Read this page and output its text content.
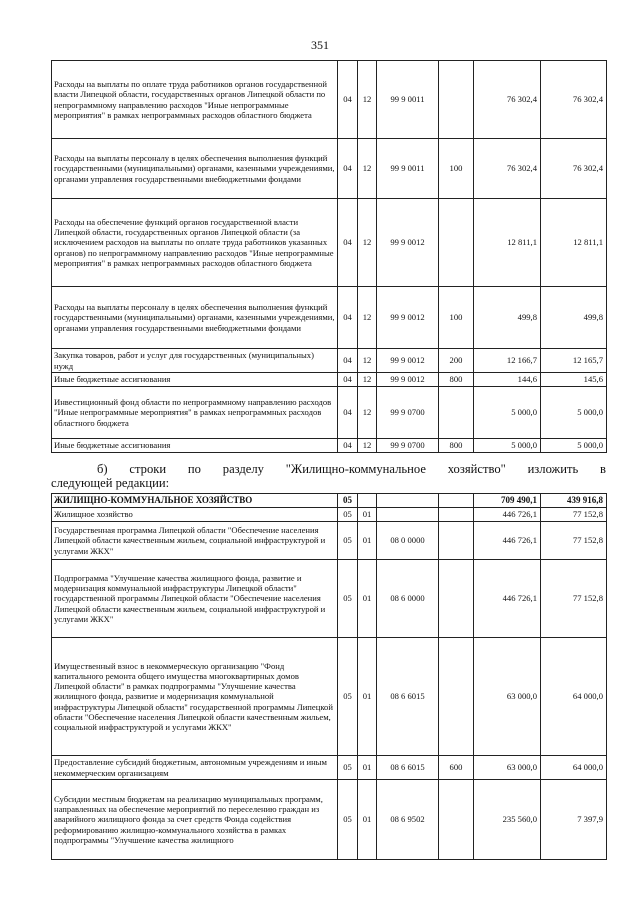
351
Расходы на выплаты по оплате труда работников органов государственной власти Липецкой области, государственных органов Липецкой области по непрограммному направлению расходов "Иные непрограммные мероприятия" в рамках непрограммных расходов областного бюджета	04	12	99 9 0011		76 302,4	76 302,4
Расходы на выплаты персоналу в целях обеспечения выполнения функций государственными (муниципальными) органами, казенными учреждениями, органами управления государственными внебюджетными фондами	04	12	99 9 0011	100	76 302,4	76 302,4
Расходы на обеспечение функций органов государственной власти Липецкой области, государственных органов Липецкой области (за исключением расходов на выплаты по оплате труда работников указанных органов) по непрограммному направлению расходов "Иные непрограммные мероприятия" в рамках непрограммных расходов областного бюджета	04	12	99 9 0012		12 811,1	12 811,1
Расходы на выплаты персоналу в целях обеспечения выполнения функций государственными (муниципальными) органами, казенными учреждениями, органами управления государственными внебюджетными фондами	04	12	99 9 0012	100	499,8	499,8
Закупка товаров, работ и услуг для государственных (муниципальных) нужд	04	12	99 9 0012	200	12 166,7	12 165,7
Иные бюджетные ассигнования	04	12	99 9 0012	800	144,6	145,6
Инвестиционный фонд области по непрограммному направлению расходов "Иные непрограммные мероприятия" в рамках непрограммных расходов областного бюджета	04	12	99 9 0700		5 000,0	5 000,0
Иные бюджетные ассигнования	04	12	99 9 0700	800	5 000,0	5 000,0
б) строки по разделу "Жилищно-коммунальное хозяйство" изложить в
следующей редакции:
ЖИЛИЩНО-КОММУНАЛЬНОЕ ХОЗЯЙСТВО	05				709 490,1	439 916,8
Жилищное хозяйство	05	01			446 726,1	77 152,8
Государственная программа Липецкой области "Обеспечение населения Липецкой области качественным жильем, социальной инфраструктурой и услугами ЖКХ"	05	01	08 0 0000		446 726,1	77 152,8
Подпрограмма "Улучшение качества жилищного фонда, развитие и модернизация коммунальной инфраструктуры Липецкой области" государственной программы Липецкой области "Обеспечение населения Липецкой области качественным жильем, социальной инфраструктурой и услугами ЖКХ"	05	01	08 6 0000		446 726,1	77 152,8
Имущественный взнос в некоммерческую организацию "Фонд капитального ремонта общего имущества многоквартирных домов Липецкой области" в рамках подпрограммы "Улучшение качества жилищного фонда, развитие и модернизация коммунальной инфраструктуры Липецкой области" государственной программы Липецкой области "Обеспечение населения Липецкой области качественным жильем, социальной инфраструктурой и услугами ЖКХ"	05	01	08 6 6015		63 000,0	64 000,0
Предоставление субсидий бюджетным, автономным учреждениям и иным некоммерческим организациям	05	01	08 6 6015	600	63 000,0	64 000,0
Субсидии местным бюджетам на реализацию муниципальных программ, направленных на обеспечение мероприятий по переселению граждан из аварийного жилищного фонда за счет средств Фонда содействия реформированию жилищно-коммунального хозяйства в рамках подпрограммы "Улучшение качества жилищного	05	01	08 6 9502		235 560,0	7 397,9
